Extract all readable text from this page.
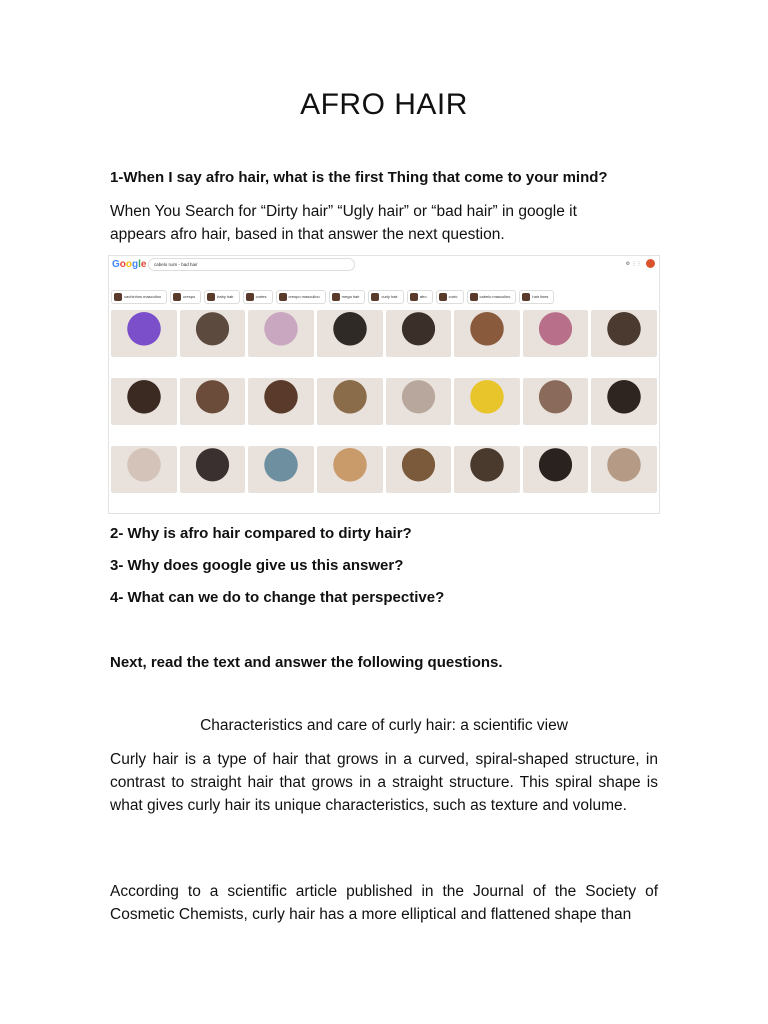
AFRO HAIR
1-When I say afro hair, what is the first Thing that come to your mind?
When You Search for “Dirty hair” “Ugly hair” or “bad hair” in google it appears afro hair, based in that answer the next question.
Google	cabelo ruim - bad hair	⚙ ⋮⋮
cachinhos masculino	crespo	baby hair	cortes	crespo masculino	mega hair	curly hair	afro	curto	cabelo masculino	hair lines
2- Why is afro hair compared to dirty hair?
3- Why does google give us this answer?
4- What can we do to change that perspective?
Next, read the text and answer the following questions.
Characteristics and care of curly hair: a scientific view
Curly hair is a type of hair that grows in a curved, spiral-shaped structure, in contrast to straight hair that grows in a straight structure. This spiral shape is what gives curly hair its unique characteristics, such as texture and volume.
According to a scientific article published in the Journal of the Society of Cosmetic Chemists, curly hair has a more elliptical and flattened shape than
